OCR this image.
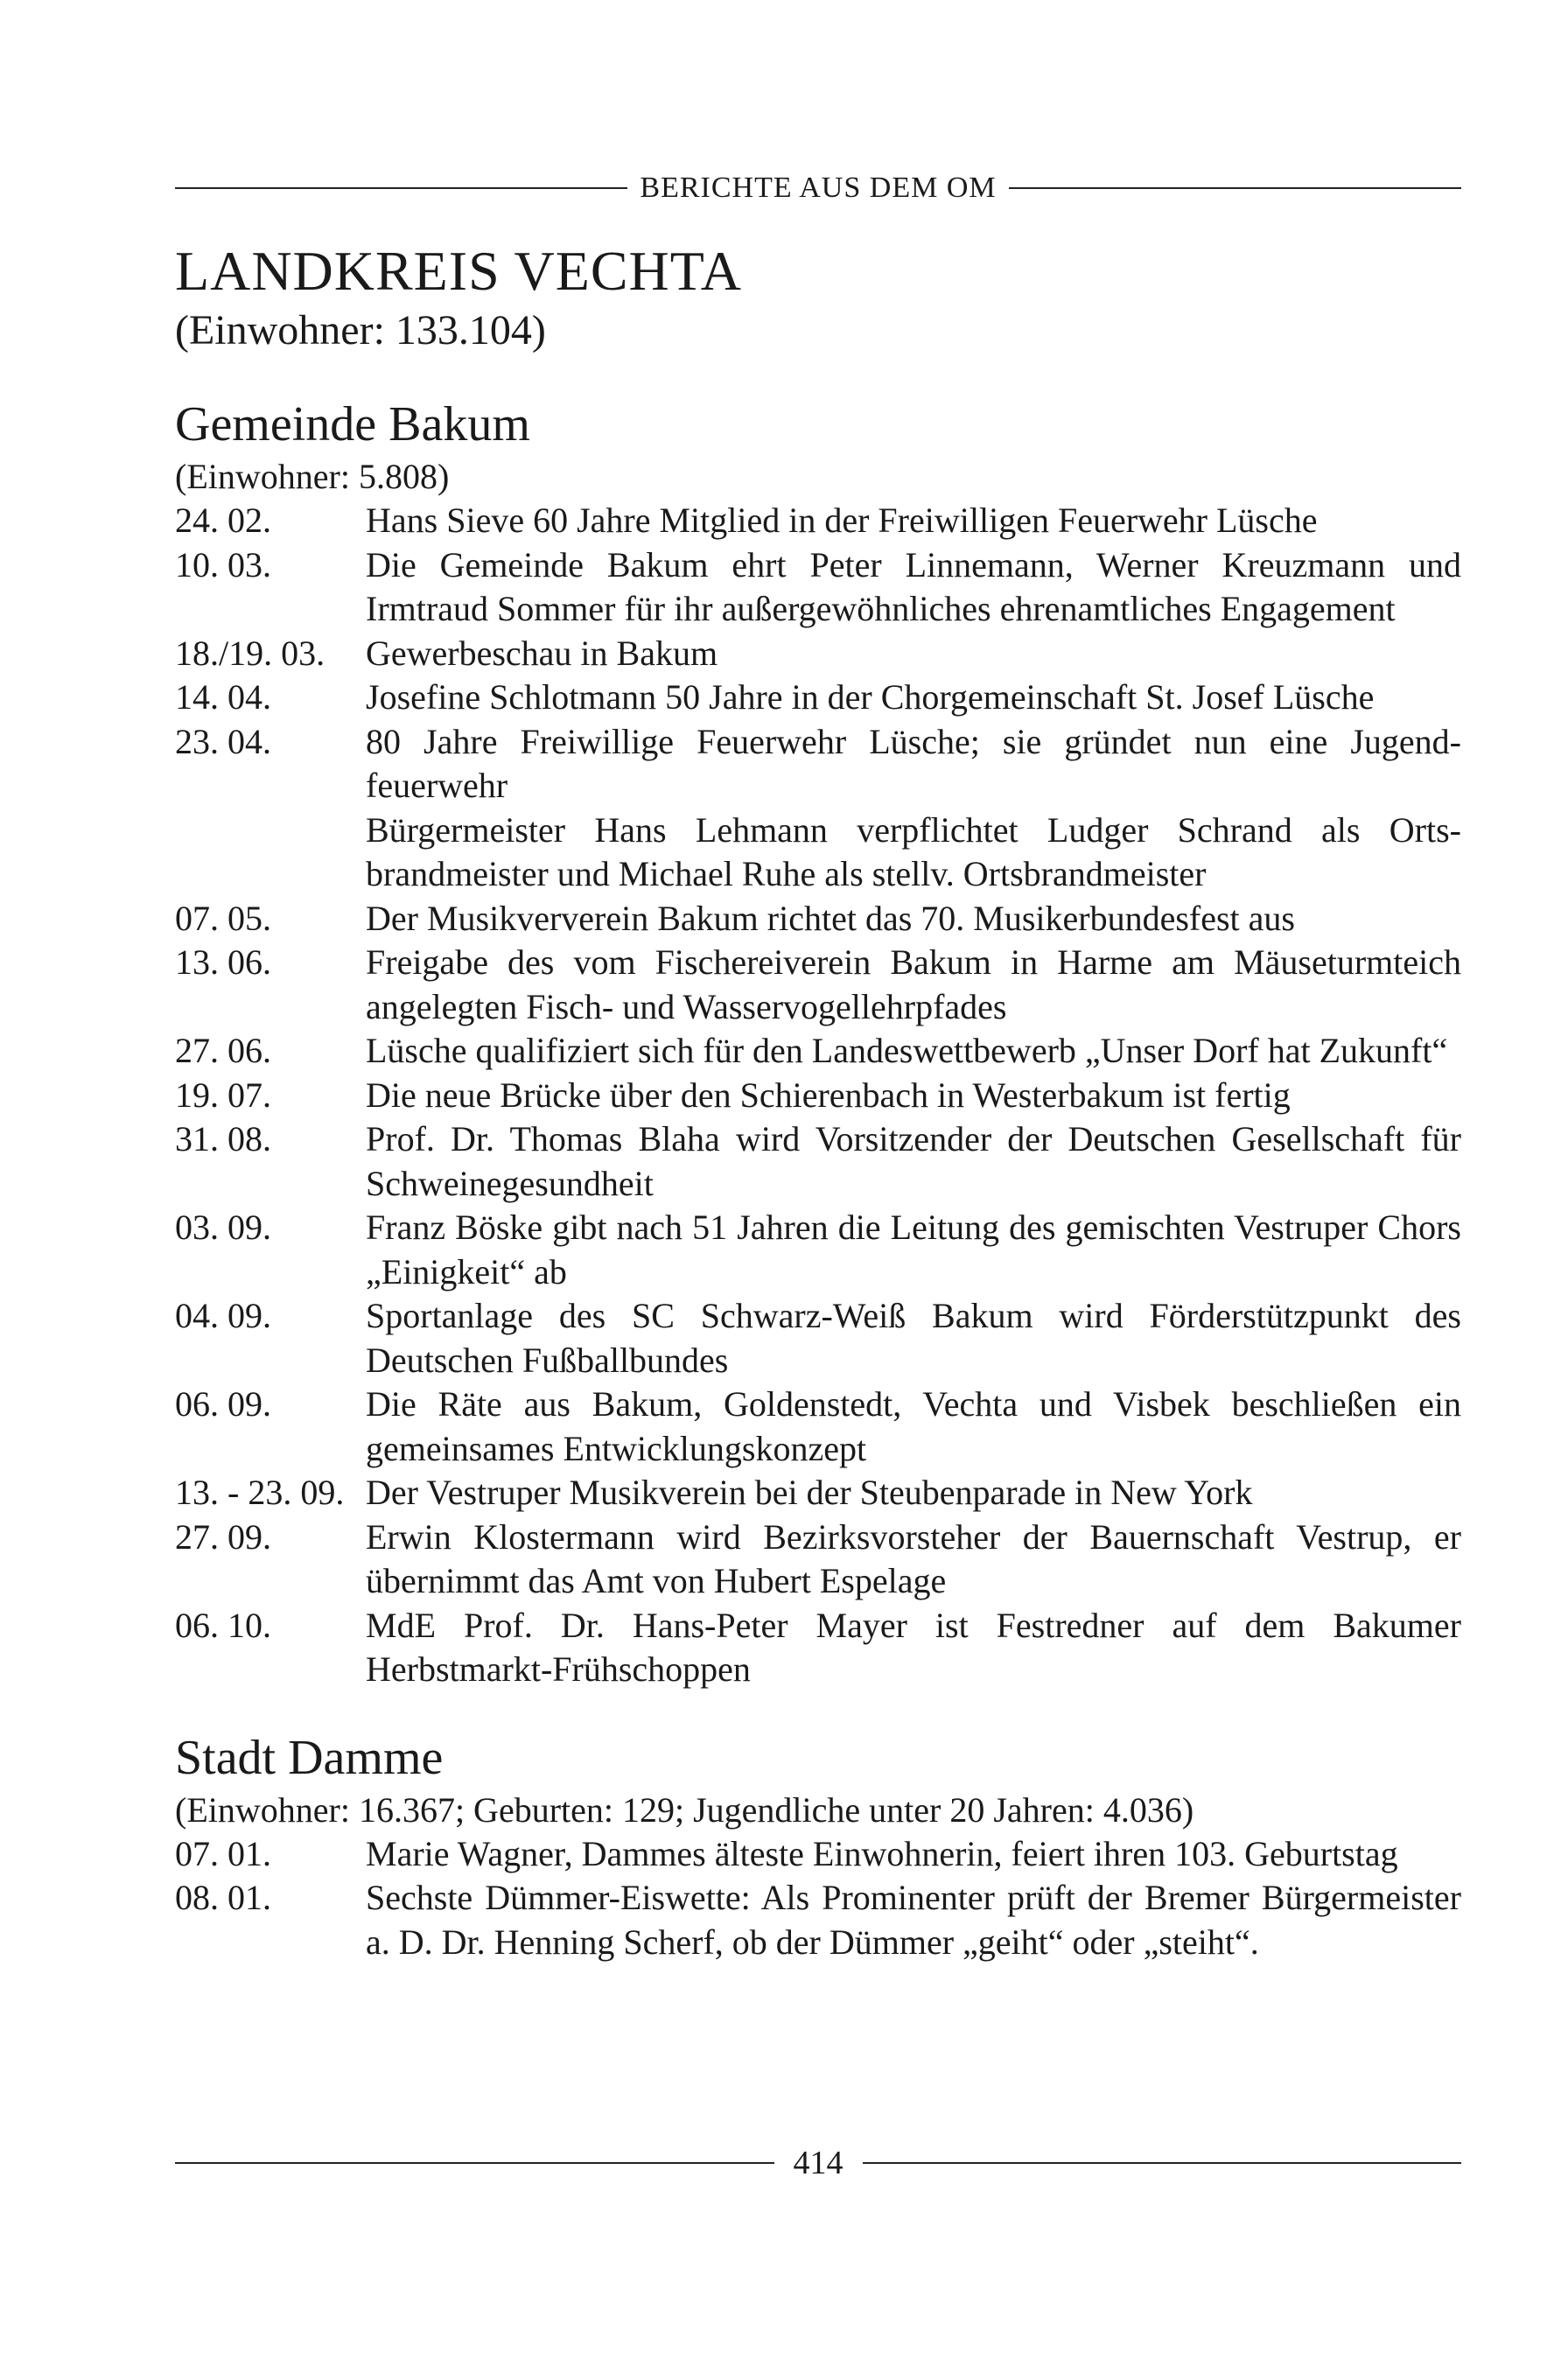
BERICHTE AUS DEM OM
LANDKREIS VECHTA
(Einwohner: 133.104)
Gemeinde Bakum
(Einwohner: 5.808)
24. 02.	Hans Sieve 60 Jahre Mitglied in der Freiwilligen Feuerwehr Lüsche

10. 03.	Die Gemeinde Bakum ehrt Peter Linnemann, Werner Kreuzmann und Irmtraud Sommer für ihr außergewöhnliches ehrenamtliches Engagement

18./19. 03.	Gewerbeschau in Bakum

14. 04.	Josefine Schlotmann 50 Jahre in der Chorgemeinschaft St. Josef Lüsche

23. 04.	80 Jahre Freiwillige Feuerwehr Lüsche; sie gründet nun eine Jugendfeuerwehr

Bürgermeister Hans Lehmann verpflichtet Ludger Schrand als Ortsbrandmeister und Michael Ruhe als stellv. Ortsbrandmeister

07. 05.	Der Musikververein Bakum richtet das 70. Musikerbundesfest aus

13. 06.	Freigabe des vom Fischereiverein Bakum in Harme am Mäuseturmteich angelegten Fisch- und Wasservogellehrpfades

27. 06.	Lüsche qualifiziert sich für den Landeswettbewerb „Unser Dorf hat Zukunft“

19. 07.	Die neue Brücke über den Schierenbach in Westerbakum ist fertig

31. 08.	Prof. Dr. Thomas Blaha wird Vorsitzender der Deutschen Gesellschaft für Schweinegesundheit

03. 09.	Franz Böske gibt nach 51 Jahren die Leitung des gemischten Vestruper Chors „Einigkeit“ ab

04. 09.	Sportanlage des SC Schwarz-Weiß Bakum wird Förderstützpunkt des Deutschen Fußballbundes

06. 09.	Die Räte aus Bakum, Goldenstedt, Vechta und Visbek beschließen ein gemeinsames Entwicklungskonzept

13. - 23. 09. Der Vestruper Musikverein bei der Steubenparade in New York

27. 09.	Erwin Klostermann wird Bezirksvorsteher der Bauernschaft Vestrup, er übernimmt das Amt von Hubert Espelage

06. 10.	MdE Prof. Dr. Hans-Peter Mayer ist Festredner auf dem Bakumer Herbstmarkt-Frühschoppen

Stadt Damme
(Einwohner: 16.367; Geburten: 129; Jugendliche unter 20 Jahren: 4.036)
07. 01.	Marie Wagner, Dammes älteste Einwohnerin, feiert ihren 103. Geburtstag

08. 01.	Sechste Dümmer-Eiswette: Als Prominenter prüft der Bremer Bürgermeister a. D. Dr. Henning Scherf, ob der Dümmer „geiht“ oder „steiht“.

414
